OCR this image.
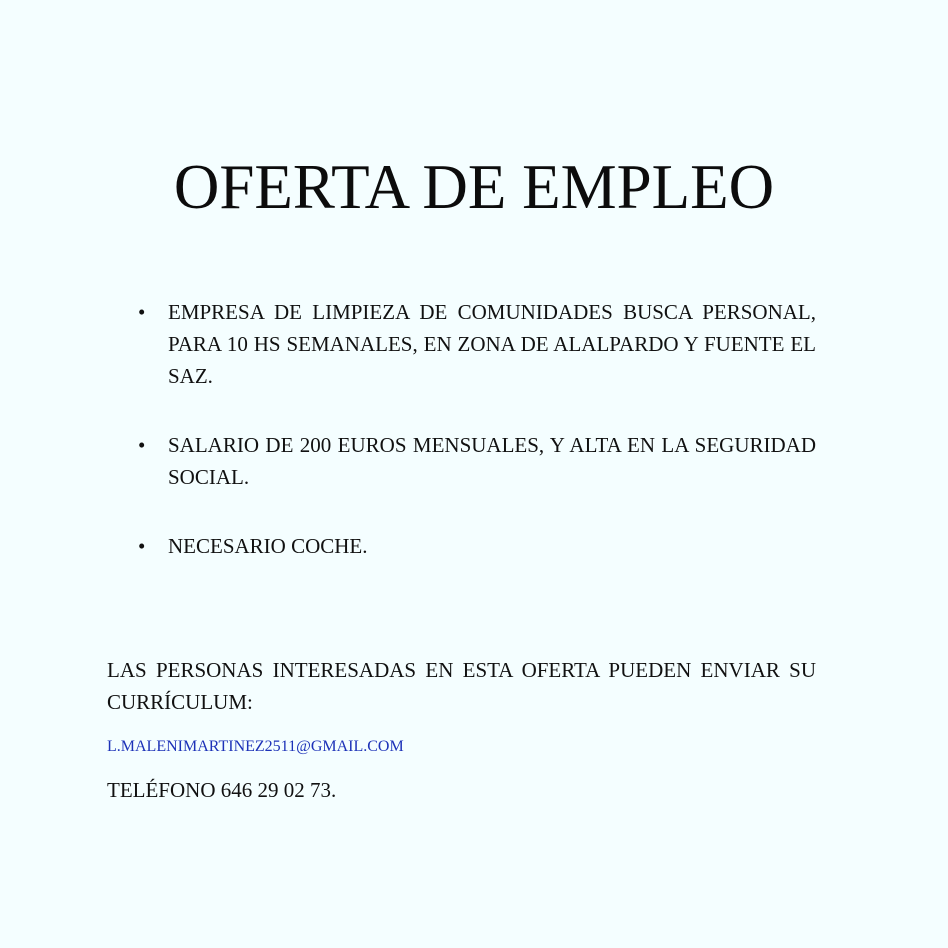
OFERTA DE EMPLEO
• EMPRESA DE LIMPIEZA DE COMUNIDADES BUSCA PERSONAL, PARA 10 HS SEMANALES, EN ZONA DE ALALPARDO Y FUENTE EL SAZ.
• SALARIO DE 200 EUROS MENSUALES, Y ALTA EN LA SEGURIDAD SOCIAL.
• NECESARIO COCHE.

LAS PERSONAS INTERESADAS EN ESTA OFERTA PUEDEN ENVIAR SU CURRÍCULUM:

L.MALENIMARTINEZ2511@GMAIL.COM

TELÉFONO 646 29 02 73.
